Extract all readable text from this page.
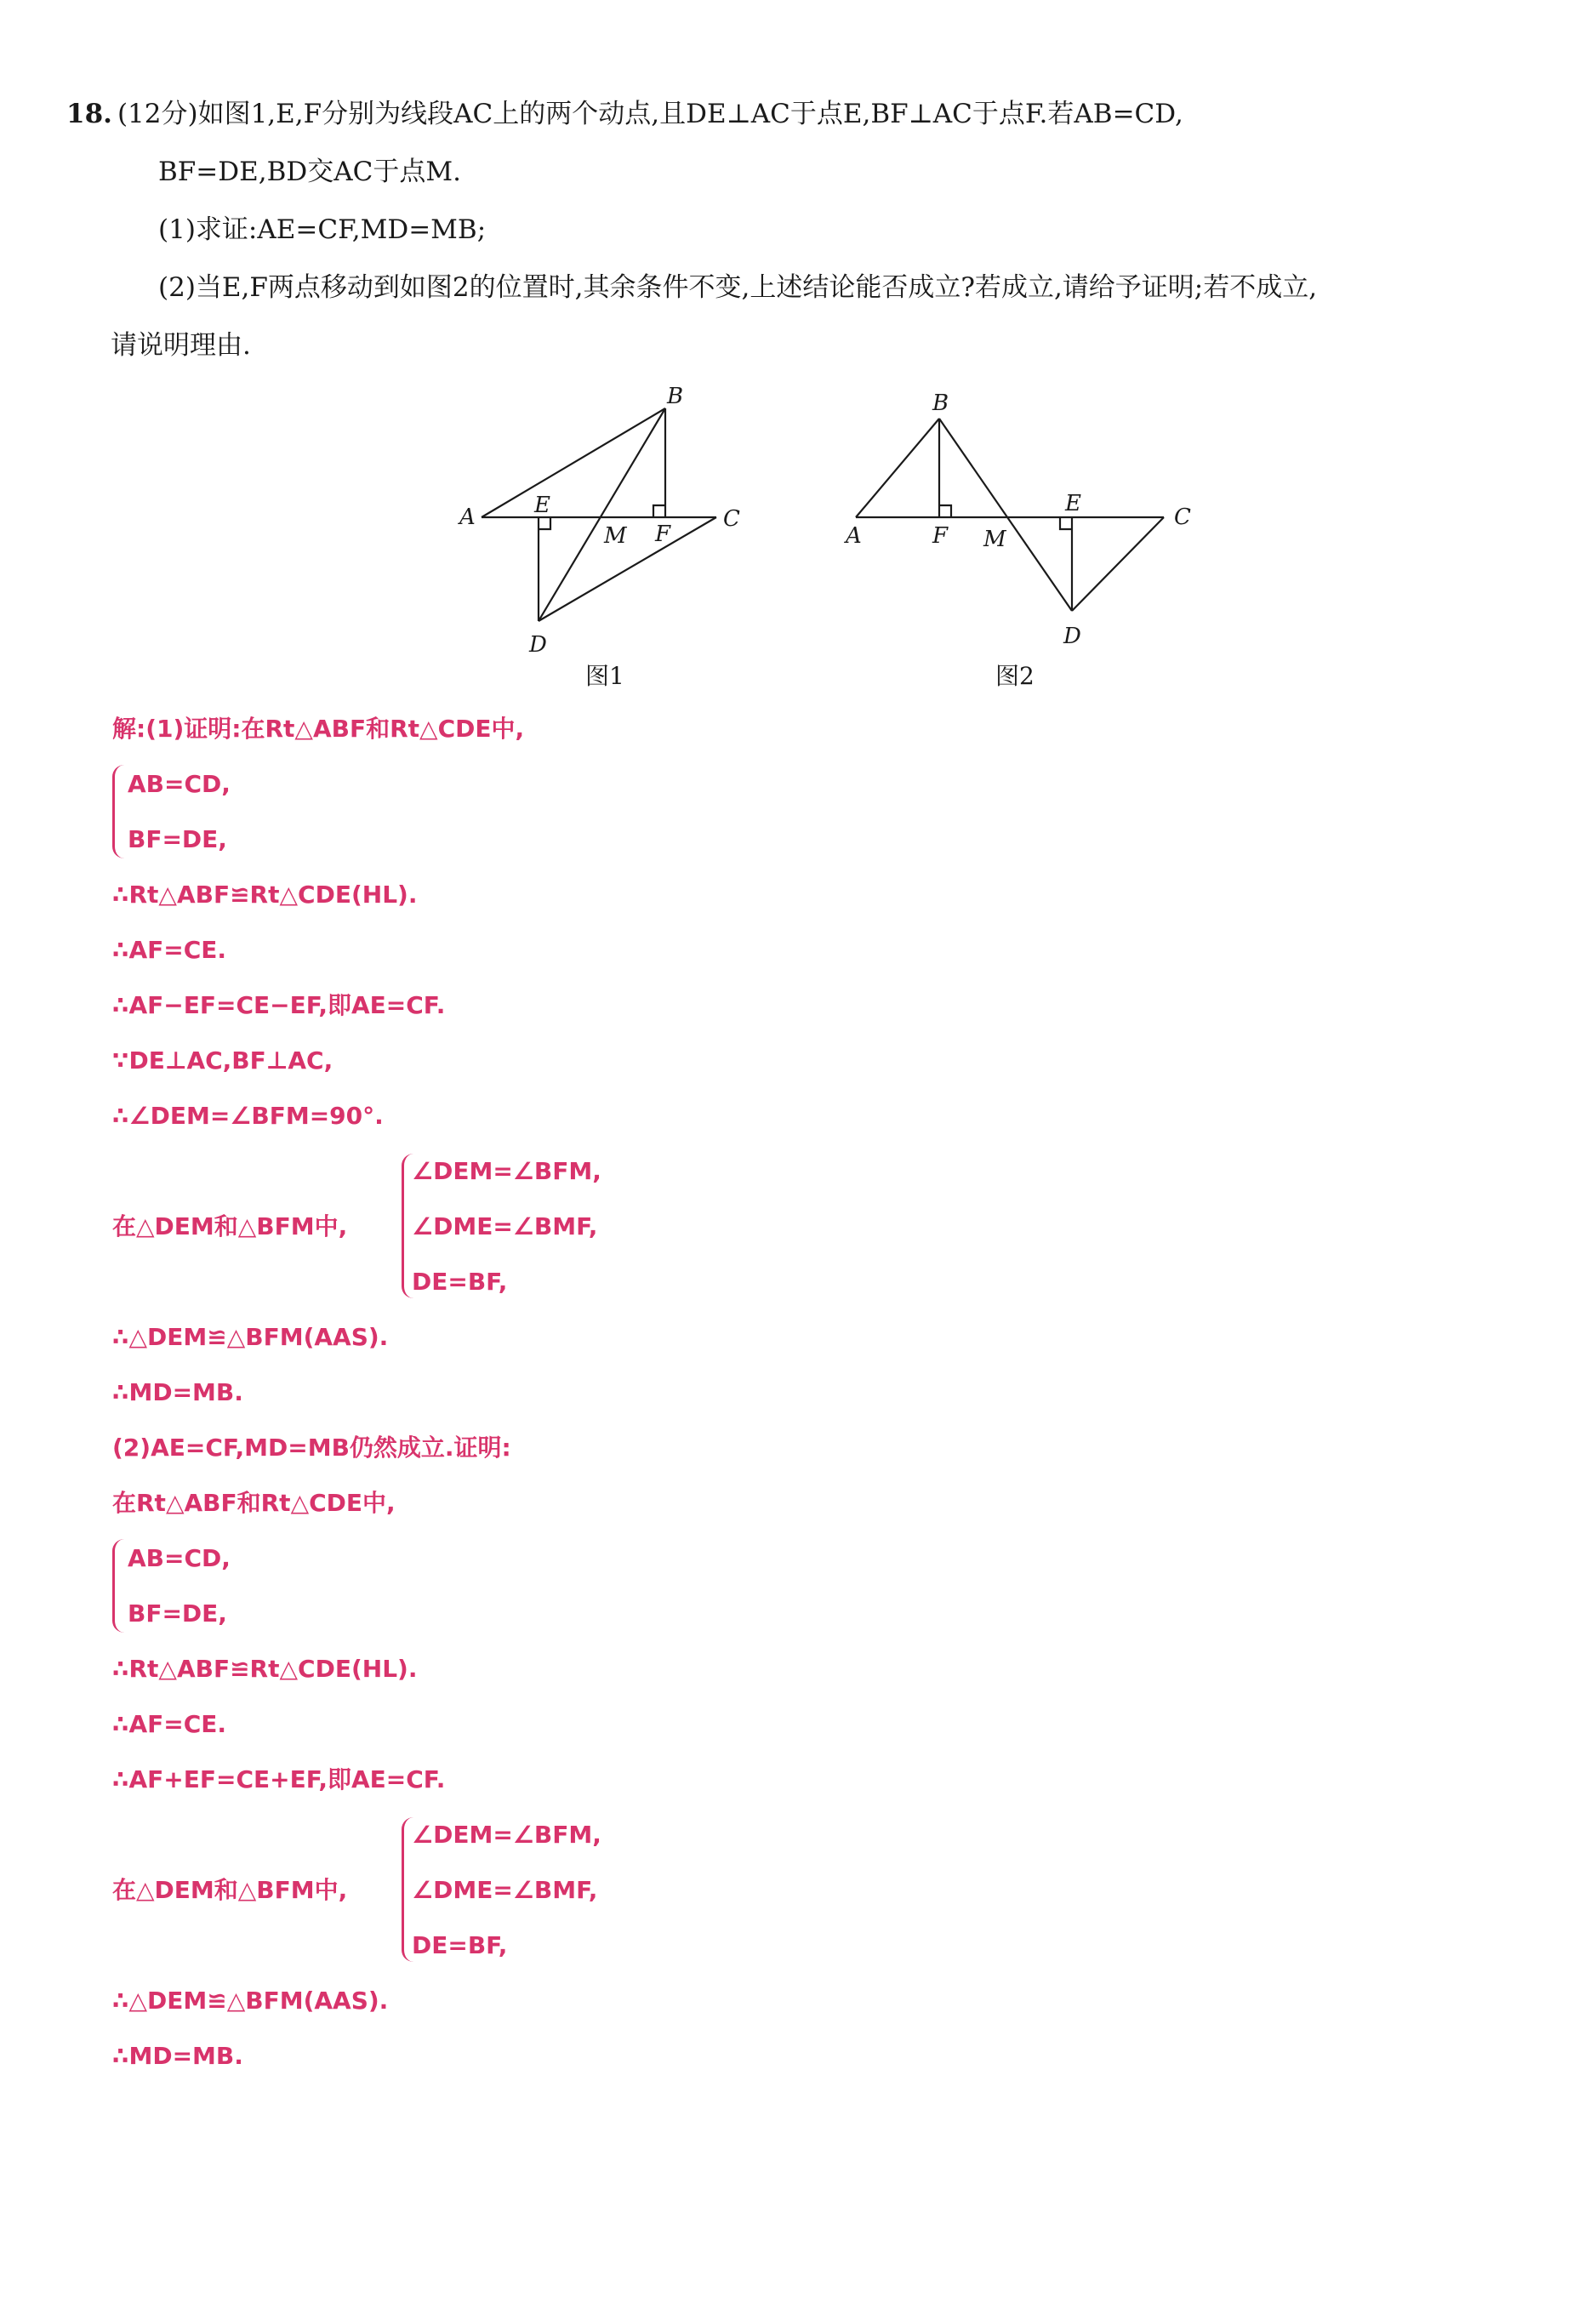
18. (12分)如图1,E,F分别为线段AC上的两个动点,且DE⊥AC于点E,BF⊥AC于点F.若AB=CD,
BF=DE,BD交AC于点M.
(1)求证:AE=CF,MD=MB;
(2)当E,F两点移动到如图2的位置时,其余条件不变,上述结论能否成立?若成立,请给予证明;若不成立,
请说明理由.
B
A	C
D
E
F
M
图1
B
A
C
D
E
F M
图2
解:(1)证明:在Rt△ABF和Rt△CDE中,
AB=CD,
BF=DE,
∴Rt△ABF≌Rt△CDE(HL).
∴AF=CE.
∴AF−EF=CE−EF,即AE=CF.
∵DE⊥AC,BF⊥AC,
∴∠DEM=∠BFM=90°.
在△DEM和△BFM中,
∠DEM=∠BFM,
∠DME=∠BMF,
DE=BF,
∴△DEM≌△BFM(AAS).
∴MD=MB.
(2)AE=CF,MD=MB仍然成立.证明:
在Rt△ABF和Rt△CDE中,
AB=CD,
BF=DE,
∴Rt△ABF≌Rt△CDE(HL).
∴AF=CE.
∴AF+EF=CE+EF,即AE=CF.
在△DEM和△BFM中,
∠DEM=∠BFM,
∠DME=∠BMF,
DE=BF,
∴△DEM≌△BFM(AAS).
∴MD=MB.
